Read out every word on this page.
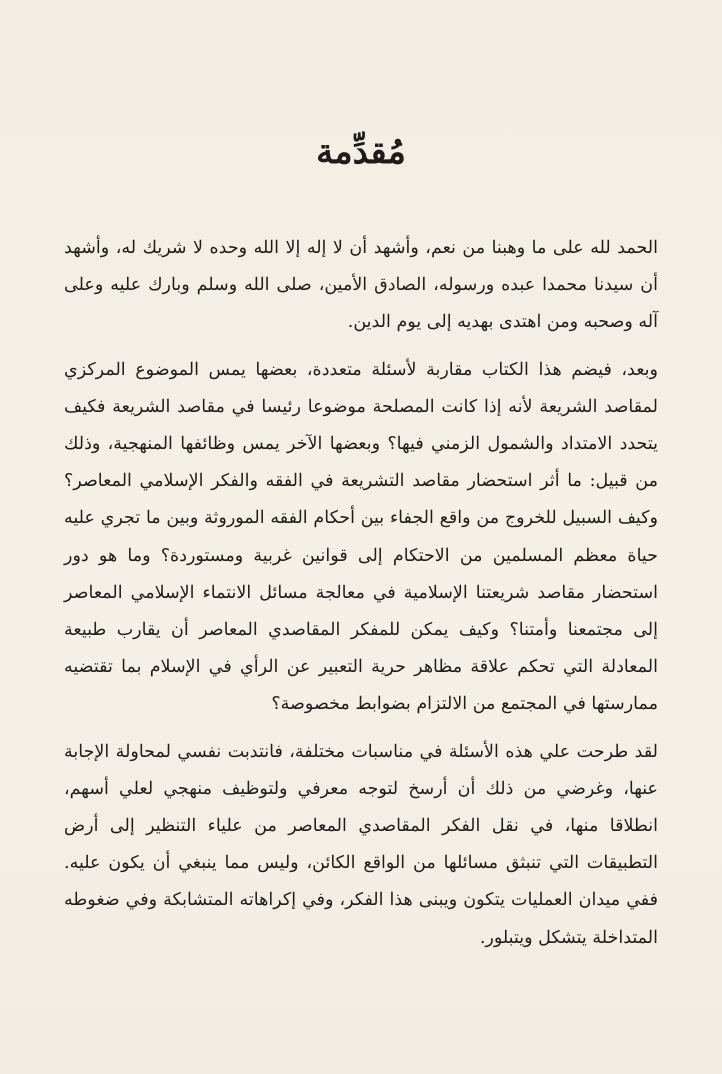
مُقدِّمة

الحمد لله على ما وهبنا من نعم، وأشهد أن لا إله إلا الله وحده لا شريك له، وأشهد أن سيدنا محمدا عبده ورسوله، الصادق الأمين، صلى الله وسلم وبارك عليه وعلى آله وصحبه ومن اهتدى بهديه إلى يوم الدين.

وبعد، فيضم هذا الكتاب مقاربة لأسئلة متعددة، بعضها يمس الموضوع المركزي لمقاصد الشريعة لأنه إذا كانت المصلحة موضوعا رئيسا في مقاصد الشريعة فكيف يتحدد الامتداد والشمول الزمني فيها؟ وبعضها الآخر يمس وظائفها المنهجية، وذلك من قبيل: ما أثر استحضار مقاصد التشريعة في الفقه والفكر الإسلامي المعاصر؟ وكيف السبيل للخروج من واقع الجفاء بين أحكام الفقه الموروثة وبين ما تجري عليه حياة معظم المسلمين من الاحتكام إلى قوانين غربية ومستوردة؟ وما هو دور استحضار مقاصد شريعتنا الإسلامية في معالجة مسائل الانتماء الإسلامي المعاصر إلى مجتمعنا وأمتنا؟ وكيف يمكن للمفكر المقاصدي المعاصر أن يقارب طبيعة المعادلة التي تحكم علاقة مظاهر حرية التعبير عن الرأي في الإسلام بما تقتضيه ممارستها في المجتمع من الالتزام بضوابط مخصوصة؟

لقد طرحت علي هذه الأسئلة في مناسبات مختلفة، فانتدبت نفسي لمحاولة الإجابة عنها، وغرضي من ذلك أن أرسخ لتوجه معرفي ولتوظيف منهجي لعلي أسهم، انطلاقا منها، في نقل الفكر المقاصدي المعاصر من علياء التنظير إلى أرض التطبيقات التي تنبثق مسائلها من الواقع الكائن، وليس مما ينبغي أن يكون عليه. ففي ميدان العمليات يتكون ويبنى هذا الفكر، وفي إكراهاته المتشابكة وفي ضغوطه المتداخلة يتشكل ويتبلور.
